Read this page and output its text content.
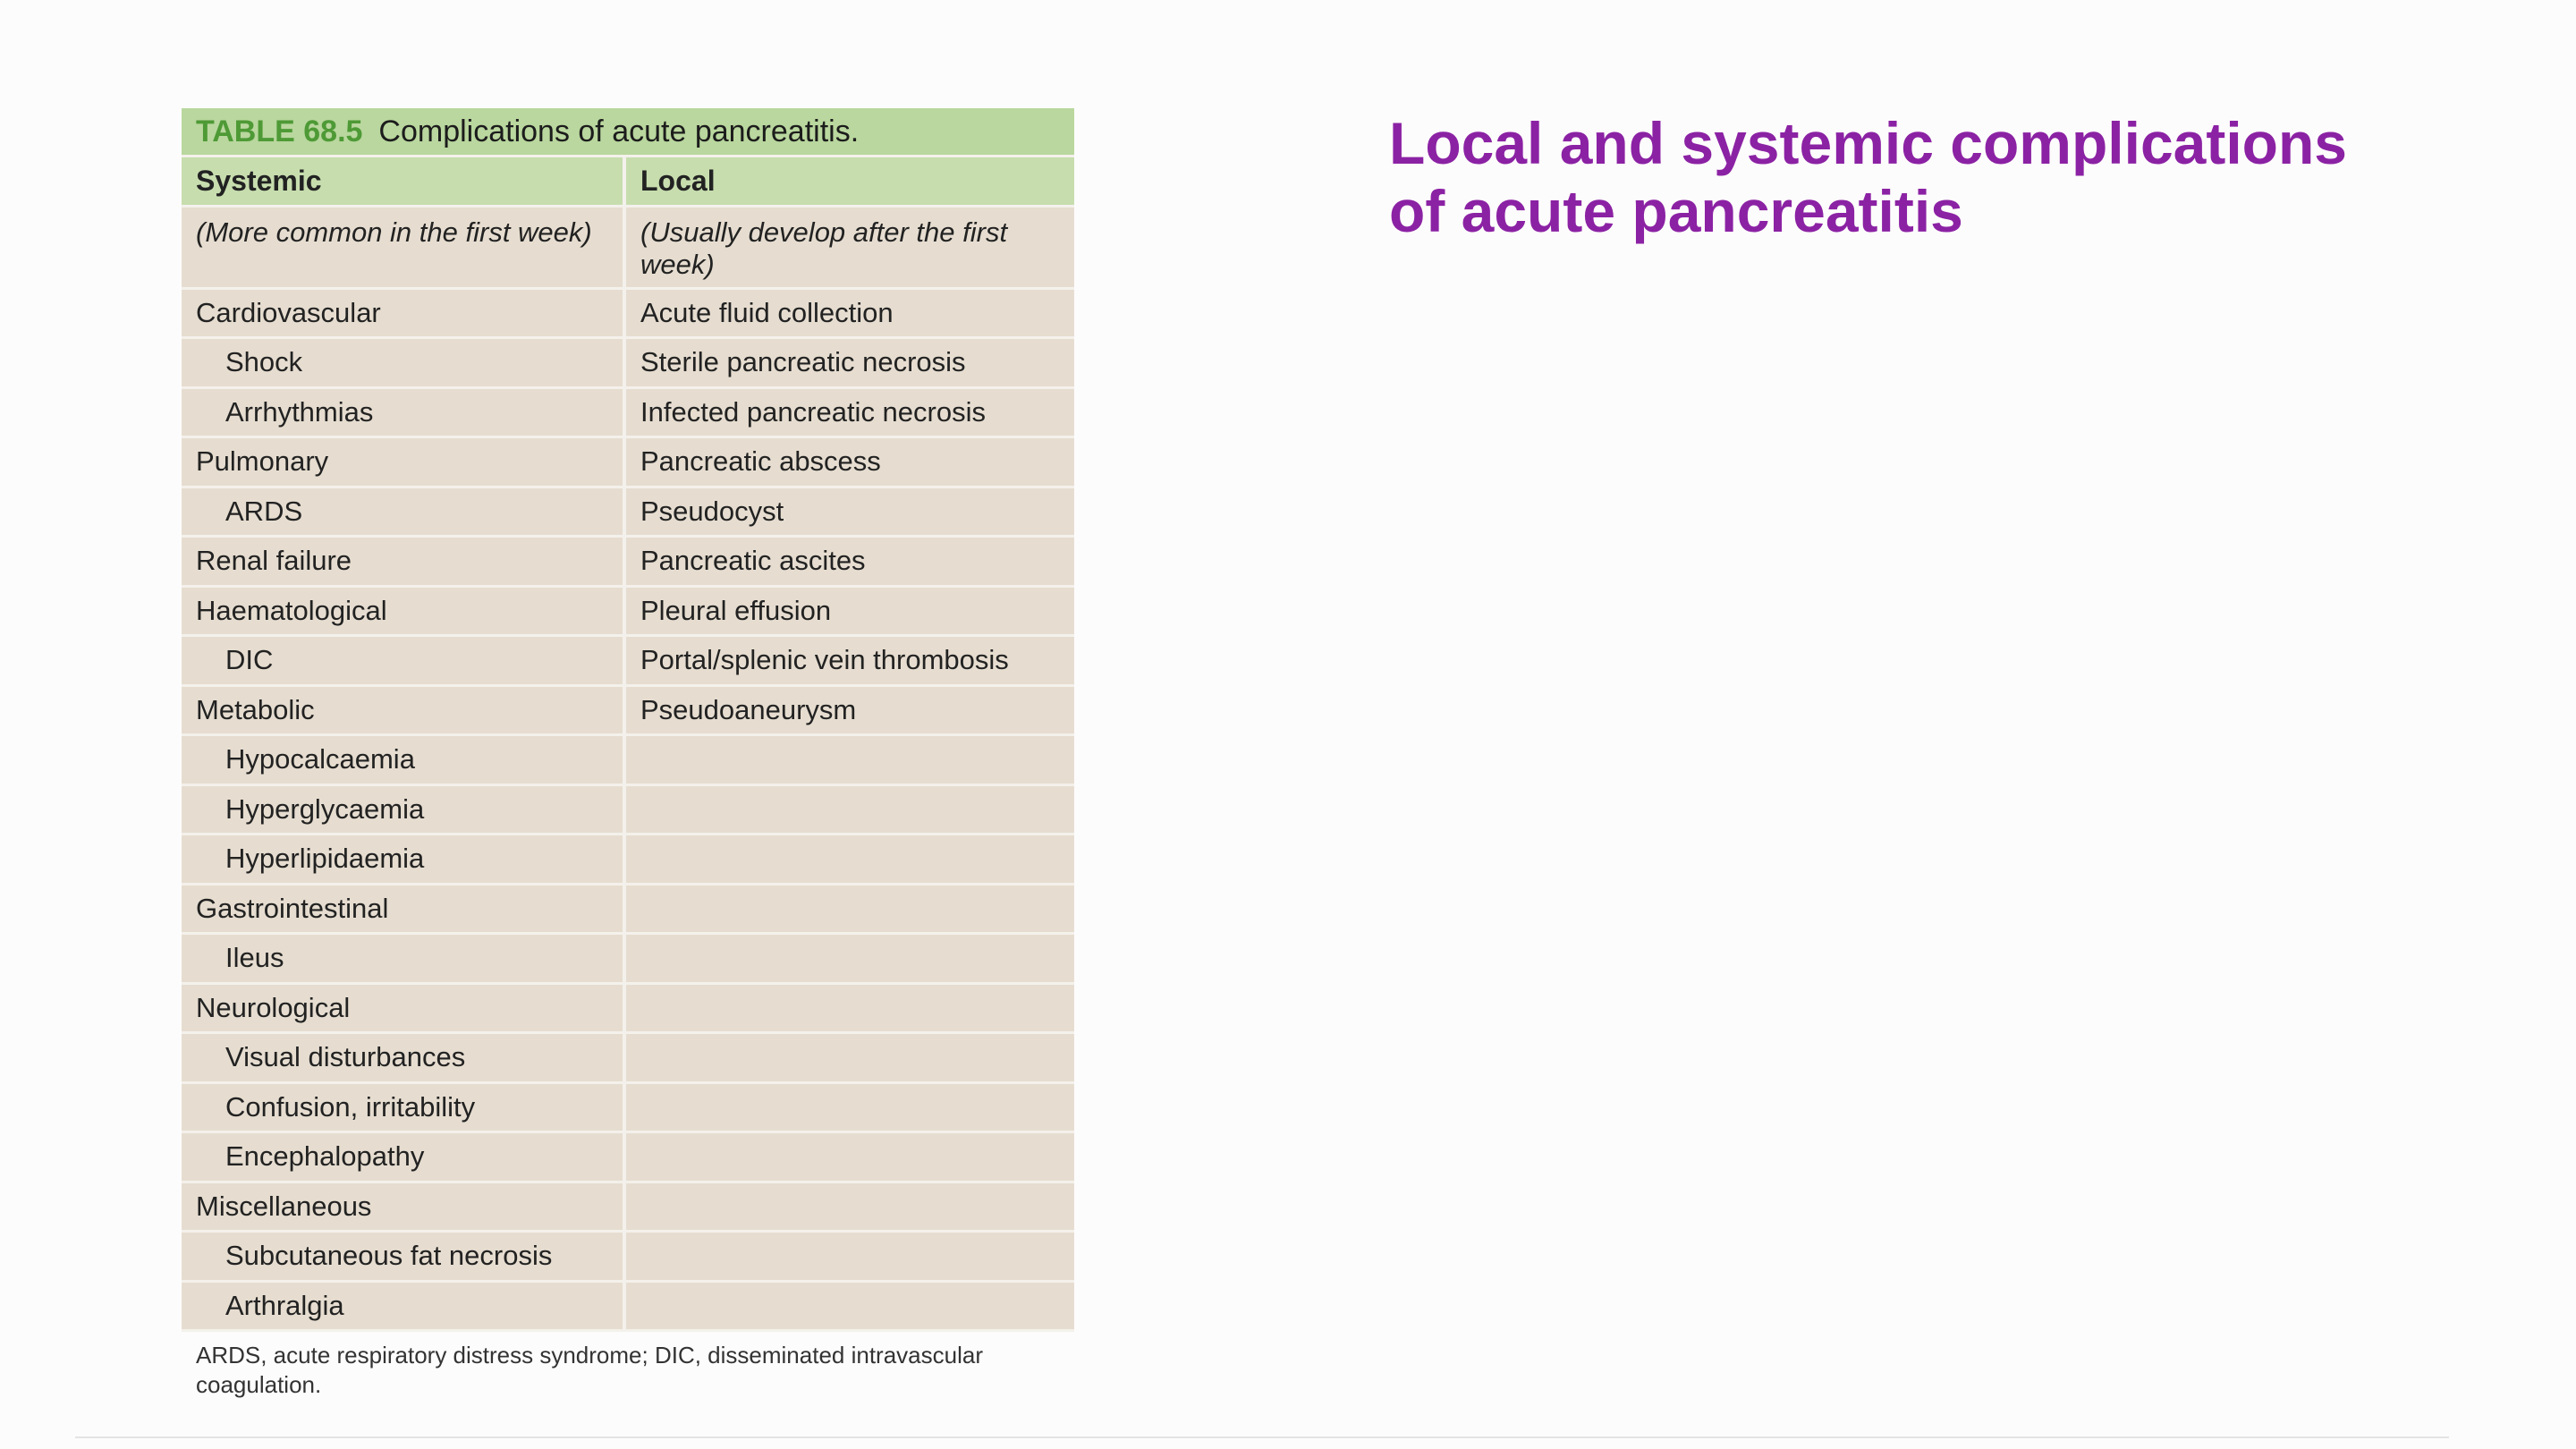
TABLE 68.5 Complications of acute pancreatitis.
Systemic	Local
(More common in the first week)	(Usually develop after the first week)
Cardiovascular	Acute fluid collection
Shock	Sterile pancreatic necrosis
Arrhythmias	Infected pancreatic necrosis
Pulmonary	Pancreatic abscess
ARDS	Pseudocyst
Renal failure	Pancreatic ascites
Haematological	Pleural effusion
DIC	Portal/splenic vein thrombosis
Metabolic	Pseudoaneurysm
Hypocalcaemia
Hyperglycaemia
Hyperlipidaemia
Gastrointestinal
Ileus
Neurological
Visual disturbances
Confusion, irritability
Encephalopathy
Miscellaneous
Subcutaneous fat necrosis
Arthralgia
ARDS, acute respiratory distress syndrome; DIC, disseminated intravascular coagulation.
Local and systemic complications
of acute pancreatitis
